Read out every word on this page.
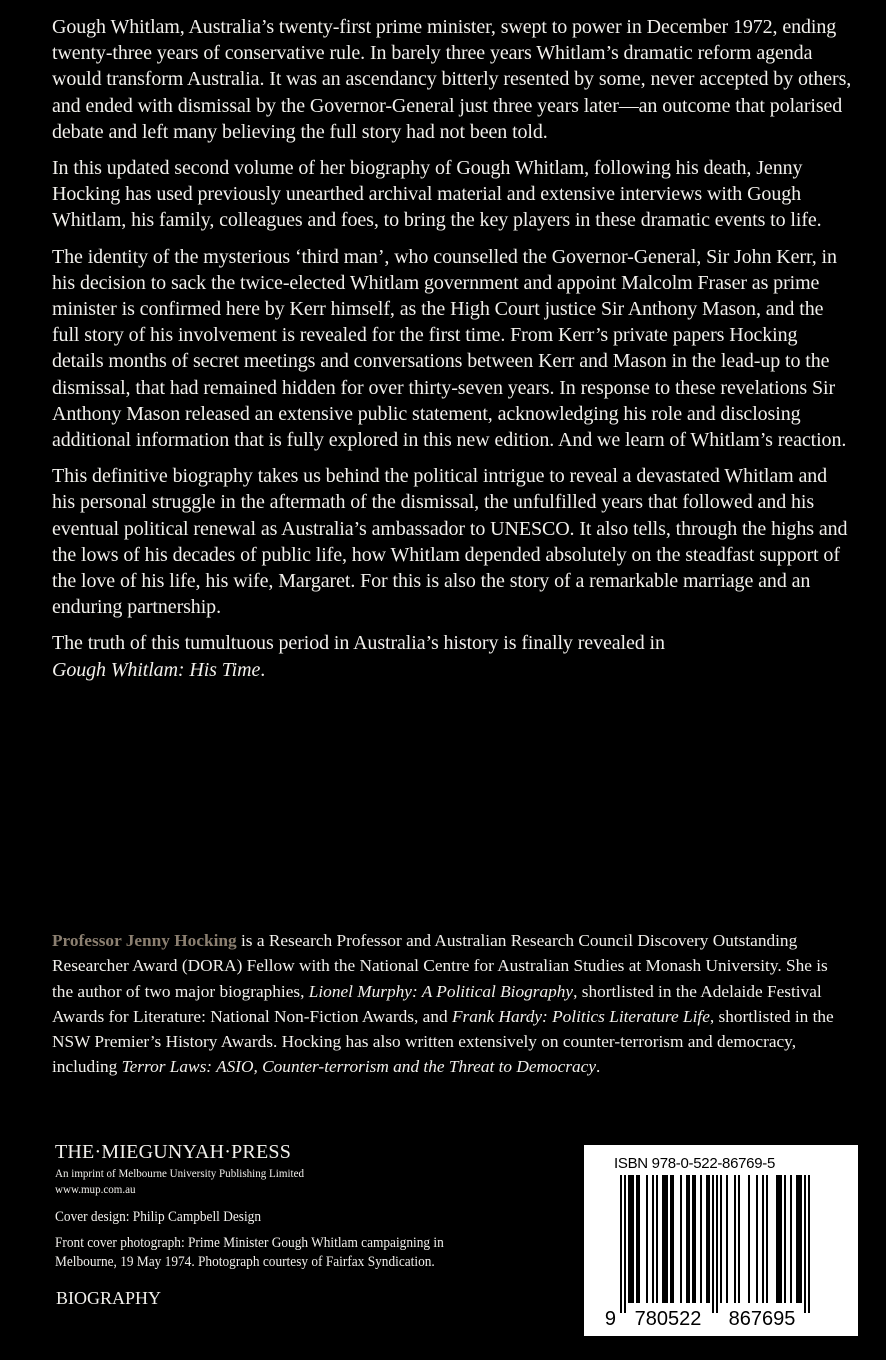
Gough Whitlam, Australia’s twenty-first prime minister, swept to power in December 1972, ending twenty-three years of conservative rule. In barely three years Whitlam’s dramatic reform agenda would transform Australia. It was an ascendancy bitterly resented by some, never accepted by others, and ended with dismissal by the Governor-General just three years later—an outcome that polarised debate and left many believing the full story had not been told.

In this updated second volume of her biography of Gough Whitlam, following his death, Jenny Hocking has used previously unearthed archival material and extensive interviews with Gough Whitlam, his family, colleagues and foes, to bring the key players in these dramatic events to life.

The identity of the mysterious ‘third man’, who counselled the Governor-General, Sir John Kerr, in his decision to sack the twice-elected Whitlam government and appoint Malcolm Fraser as prime minister is confirmed here by Kerr himself, as the High Court justice Sir Anthony Mason, and the full story of his involvement is revealed for the first time. From Kerr’s private papers Hocking details months of secret meetings and conversations between Kerr and Mason in the lead-up to the dismissal, that had remained hidden for over thirty-seven years. In response to these revelations Sir Anthony Mason released an extensive public statement, acknowledging his role and disclosing additional information that is fully explored in this new edition. And we learn of Whitlam’s reaction.

This definitive biography takes us behind the political intrigue to reveal a devastated Whitlam and his personal struggle in the aftermath of the dismissal, the unfulfilled years that followed and his eventual political renewal as Australia’s ambassador to UNESCO. It also tells, through the highs and the lows of his decades of public life, how Whitlam depended absolutely on the steadfast support of the love of his life, his wife, Margaret. For this is also the story of a remarkable marriage and an enduring partnership.

The truth of this tumultuous period in Australia’s history is finally revealed in
Gough Whitlam: His Time.

Professor Jenny Hocking is a Research Professor and Australian Research Council Discovery Outstanding Researcher Award (DORA) Fellow with the National Centre for Australian Studies at Monash University. She is the author of two major biographies, Lionel Murphy: A Political Biography, shortlisted in the Adelaide Festival Awards for Literature: National Non-Fiction Awards, and Frank Hardy: Politics Literature Life, shortlisted in the NSW Premier’s History Awards. Hocking has also written extensively on counter-terrorism and democracy, including Terror Laws: ASIO, Counter-terrorism and the Threat to Democracy.

THE·MIEGUNYAH·PRESS
An imprint of Melbourne University Publishing Limited
www.mup.com.au
Cover design: Philip Campbell Design
Front cover photograph: Prime Minister Gough Whitlam campaigning in Melbourne, 19 May 1974. Photograph courtesy of Fairfax Syndication.
BIOGRAPHY
ISBN 978-0-522-86769-5
9 780522 867695
